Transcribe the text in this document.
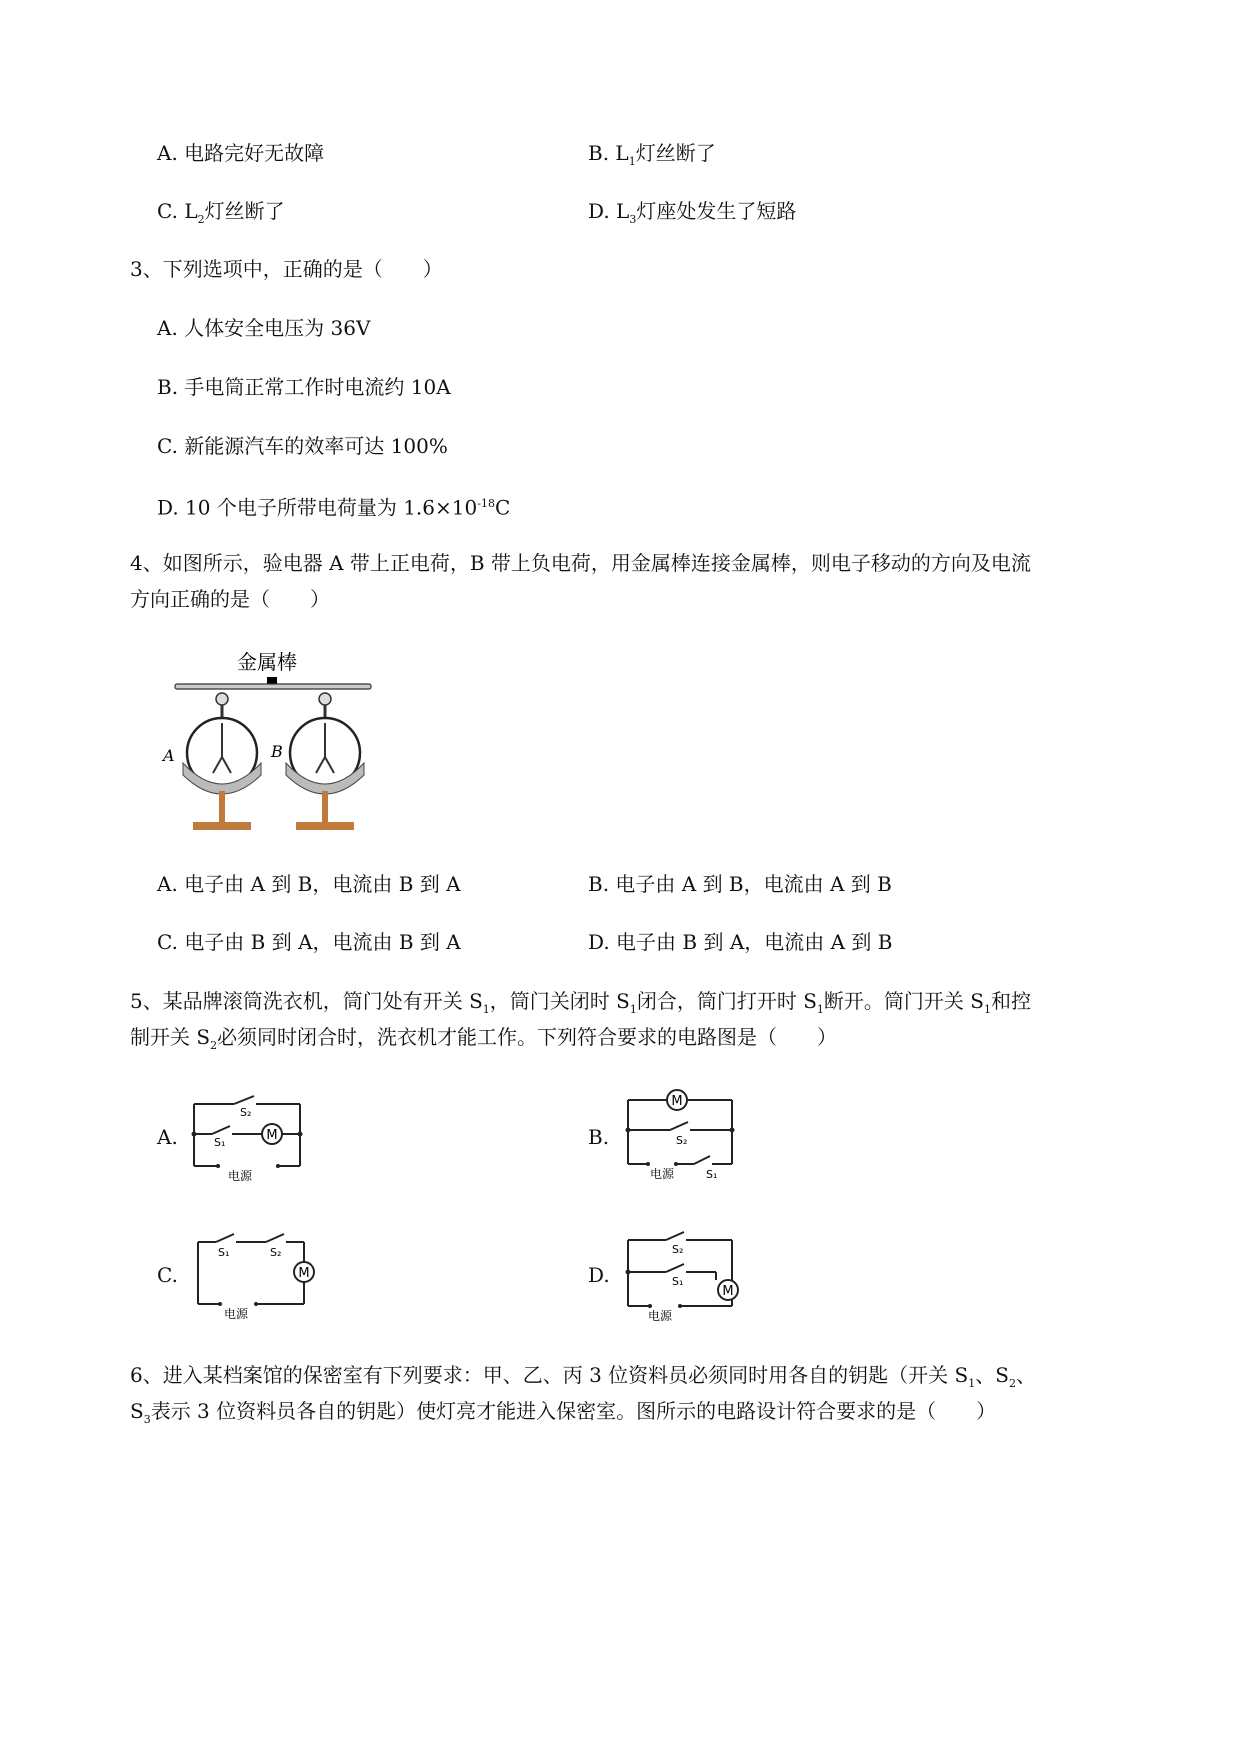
A. 电路完好无故障	B. $L_1$灯丝断了
C. $L_2$灯丝断了	D. $L_3$灯座处发生了短路
3、下列选项中，正确的是（　　）
A. 人体安全电压为 36V
B. 手电筒正常工作时电流约 10A
C. 新能源汽车的效率可达 100%
D. 10 个电子所带电荷量为 $1.6\times 10^{-18}C$
4、如图所示，验电器 A 带上正电荷，B 带上负电荷，用金属棒连接金属棒，则电子移动的方向及电流
方向正确的是（　　）
金属棒
A	B
A. 电子由 A 到 B，电流由 B 到 A	B. 电子由 A 到 B，电流由 A 到 B
C. 电子由 B 到 A，电流由 B 到 A	D. 电子由 B 到 A，电流由 A 到 B
5、某品牌滚筒洗衣机，筒门处有开关 $S_1$，筒门关闭时 $S_1$闭合，筒门打开时 $S_1$断开。筒门开关 $S_1$和控
制开关 $S_2$必须同时闭合时，洗衣机才能工作。下列符合要求的电路图是（　　）
A.	B.
C.	D.
M
S₂
S₁
电源
M
S₂
电源	S₁
M
S₁	S₂
电源
M
S₂
S₁
电源
6、进入某档案馆的保密室有下列要求：甲、乙、丙 3 位资料员必须同时用各自的钥匙（开关 $S_1$、$S_2$、
$S_3$表示 3 位资料员各自的钥匙）使灯亮才能进入保密室。图所示的电路设计符合要求的是（　　）
